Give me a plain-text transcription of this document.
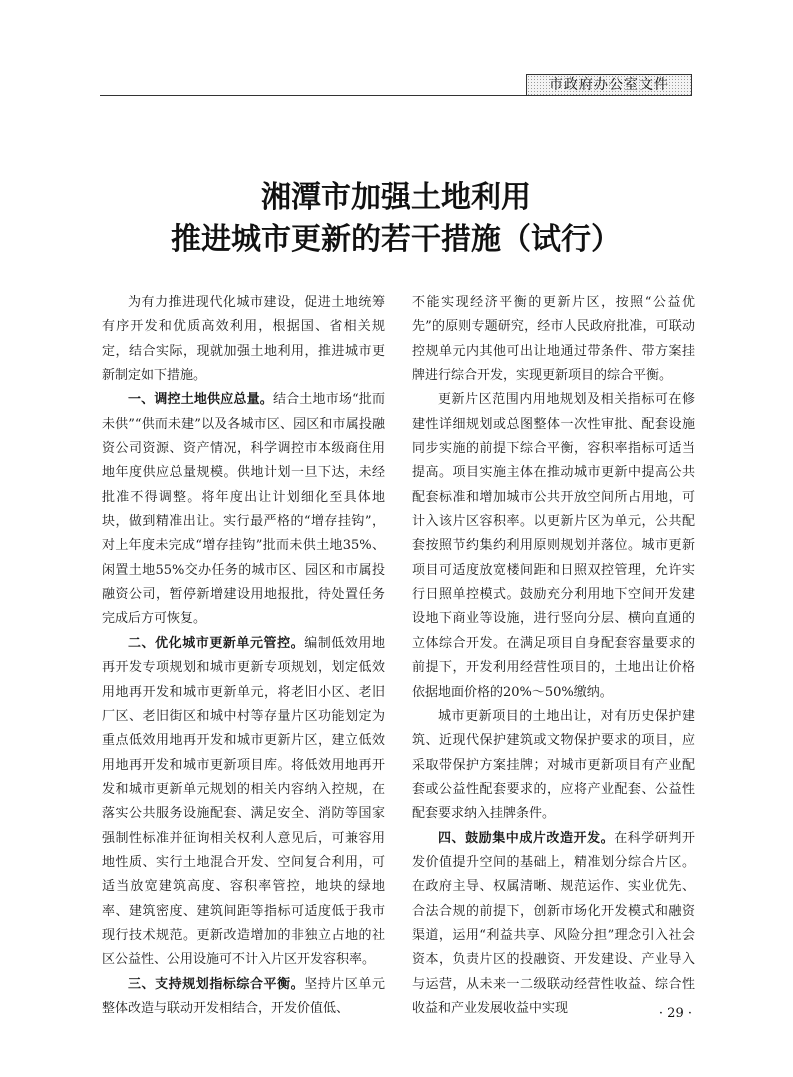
市政府办公室文件
湘潭市加强土地利用
推进城市更新的若干措施（试行）

为有力推进现代化城市建设，促进土地统筹有序开发和优质高效利用，根据国、省相关规定，结合实际，现就加强土地利用，推进城市更新制定如下措施。

一、调控土地供应总量。结合土地市场“批而未供”“供而未建”以及各城市区、园区和市属投融资公司资源、资产情况，科学调控市本级商住用地年度供应总量规模。供地计划一旦下达，未经批准不得调整。将年度出让计划细化至具体地块，做到精准出让。实行最严格的“增存挂钩”，对上年度未完成“增存挂钩”批而未供土地35%、闲置土地55%交办任务的城市区、园区和市属投融资公司，暂停新增建设用地报批，待处置任务完成后方可恢复。

二、优化城市更新单元管控。编制低效用地再开发专项规划和城市更新专项规划，划定低效用地再开发和城市更新单元，将老旧小区、老旧厂区、老旧街区和城中村等存量片区功能划定为重点低效用地再开发和城市更新片区，建立低效用地再开发和城市更新项目库。将低效用地再开发和城市更新单元规划的相关内容纳入控规，在落实公共服务设施配套、满足安全、消防等国家强制性标准并征询相关权利人意见后，可兼容用地性质、实行土地混合开发、空间复合利用，可适当放宽建筑高度、容积率管控，地块的绿地率、建筑密度、建筑间距等指标可适度低于我市现行技术规范。更新改造增加的非独立占地的社区公益性、公用设施可不计入片区开发容积率。

三、支持规划指标综合平衡。坚持片区单元整体改造与联动开发相结合，开发价值低、

不能实现经济平衡的更新片区，按照“公益优先”的原则专题研究，经市人民政府批准，可联动控规单元内其他可出让地通过带条件、带方案挂牌进行综合开发，实现更新项目的综合平衡。

更新片区范围内用地规划及相关指标可在修建性详细规划或总图整体一次性审批、配套设施同步实施的前提下综合平衡，容积率指标可适当提高。项目实施主体在推动城市更新中提高公共配套标准和增加城市公共开放空间所占用地，可计入该片区容积率。以更新片区为单元，公共配套按照节约集约利用原则规划并落位。城市更新项目可适度放宽楼间距和日照双控管理，允许实行日照单控模式。鼓励充分利用地下空间开发建设地下商业等设施，进行竖向分层、横向直通的立体综合开发。在满足项目自身配套容量要求的前提下，开发利用经营性项目的，土地出让价格依据地面价格的20%～50%缴纳。

城市更新项目的土地出让，对有历史保护建筑、近现代保护建筑或文物保护要求的项目，应采取带保护方案挂牌；对城市更新项目有产业配套或公益性配套要求的，应将产业配套、公益性配套要求纳入挂牌条件。

四、鼓励集中成片改造开发。在科学研判开发价值提升空间的基础上，精准划分综合片区。在政府主导、权属清晰、规范运作、实业优先、合法合规的前提下，创新市场化开发模式和融资渠道，运用“利益共享、风险分担”理念引入社会资本，负责片区的投融资、开发建设、产业导入与运营，从未来一二级联动经营性收益、综合性收益和产业发展收益中实现	· 29 ·
